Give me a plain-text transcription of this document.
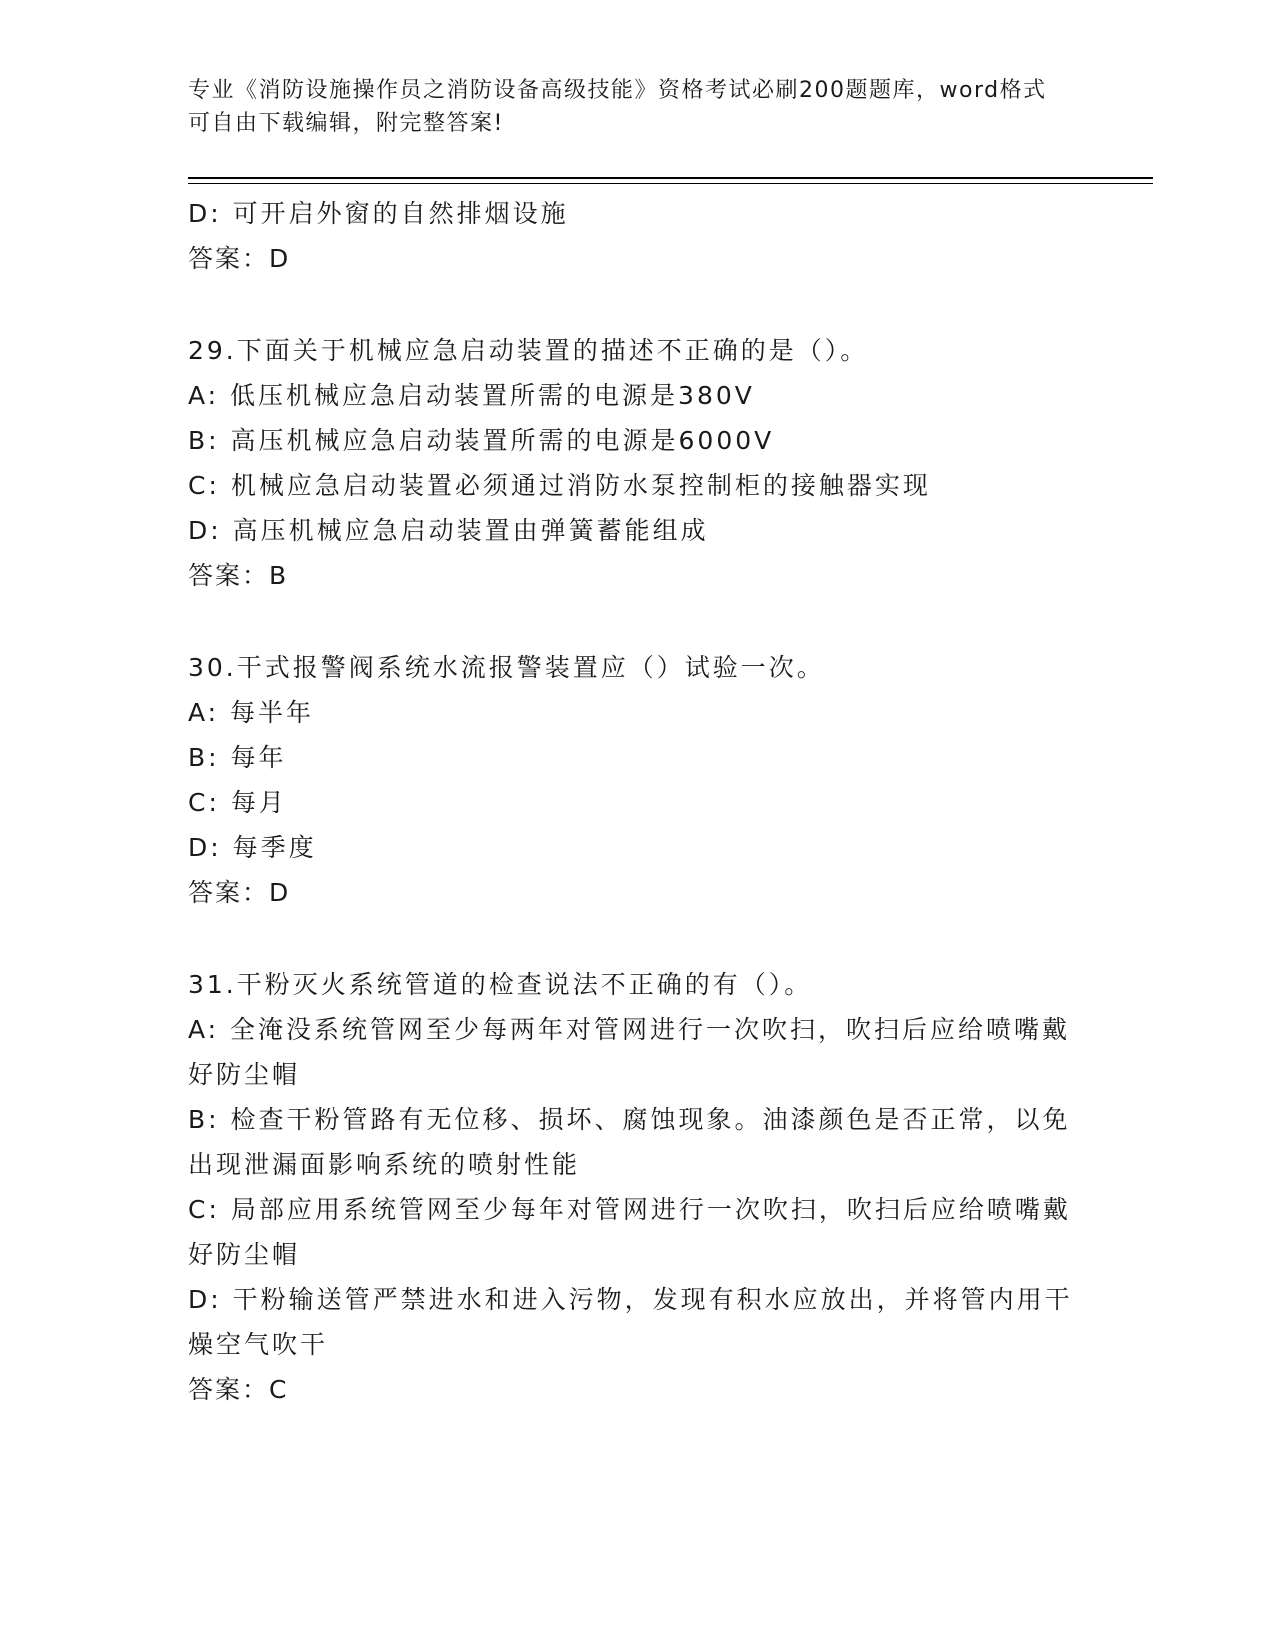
专业《消防设施操作员之消防设备高级技能》资格考试必刷200题题库，word格式可自由下载编辑，附完整答案!

D: 可开启外窗的自然排烟设施

答案：D

29.下面关于机械应急启动装置的描述不正确的是（）。

A: 低压机械应急启动装置所需的电源是380V

B: 高压机械应急启动装置所需的电源是6000V

C: 机械应急启动装置必须通过消防水泵控制柜的接触器实现

D: 高压机械应急启动装置由弹簧蓄能组成

答案：B

30.干式报警阀系统水流报警装置应（）试验一次。

A: 每半年

B: 每年

C: 每月

D: 每季度

答案：D

31.干粉灭火系统管道的检查说法不正确的有（）。

A: 全淹没系统管网至少每两年对管网进行一次吹扫，吹扫后应给喷嘴戴好防尘帽

B: 检查干粉管路有无位移、损坏、腐蚀现象。油漆颜色是否正常，以免出现泄漏面影响系统的喷射性能

C: 局部应用系统管网至少每年对管网进行一次吹扫，吹扫后应给喷嘴戴好防尘帽

D: 干粉输送管严禁进水和进入污物，发现有积水应放出，并将管内用干燥空气吹干

答案：C
